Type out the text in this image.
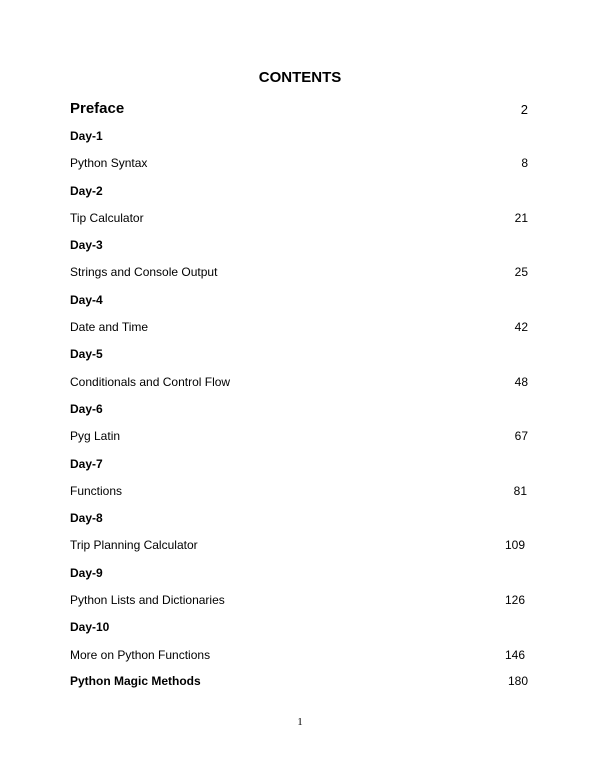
CONTENTS
Preface	2
Day-1
Python Syntax	8
Day-2
Tip Calculator	21
Day-3
Strings and Console Output	25
Day-4
Date and Time	42
Day-5
Conditionals and Control Flow	48
Day-6
Pyg Latin	67
Day-7
Functions	81
Day-8
Trip Planning Calculator	109
Day-9
Python Lists and Dictionaries	126
Day-10
More on Python Functions	146
Python Magic Methods	180
1
